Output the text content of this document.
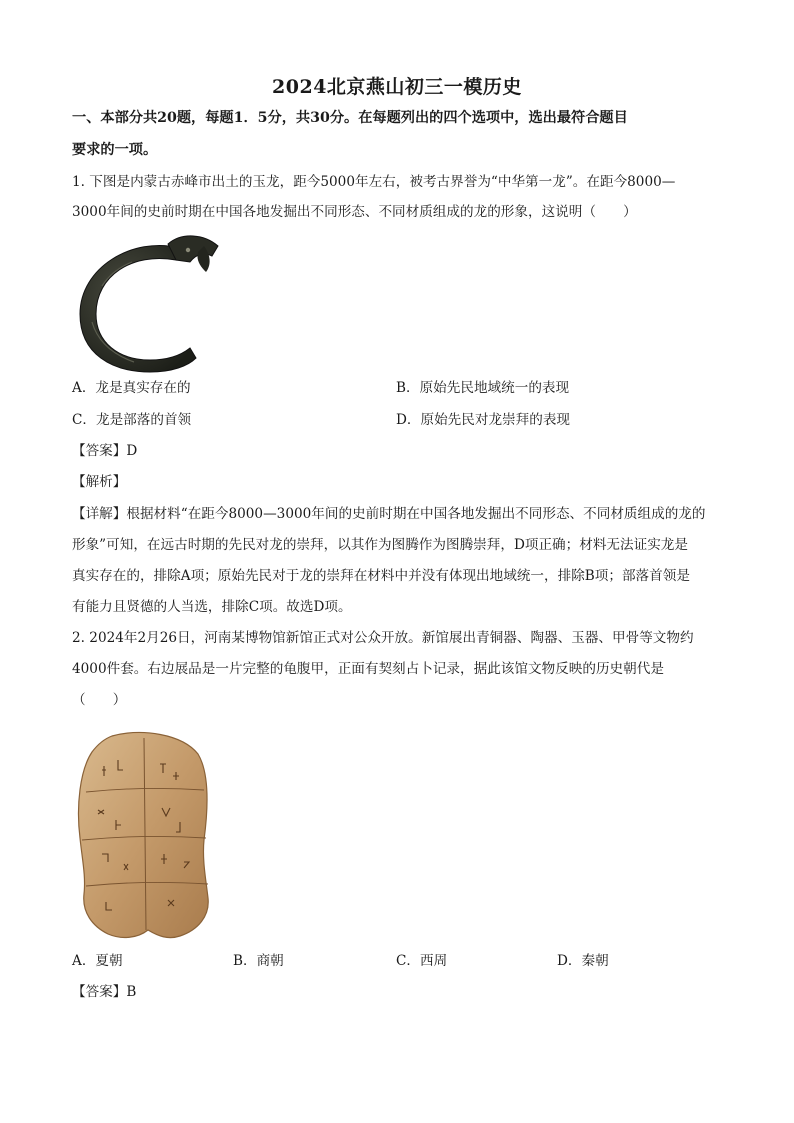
2024北京燕山初三一模历史
一、本部分共20题，每题1．5分，共30分。在每题列出的四个选项中，选出最符合题目
要求的一项。
1. 下图是内蒙古赤峰市出土的玉龙，距今5000年左右，被考古界誉为“中华第一龙”。在距今8000—
3000年间的史前时期在中国各地发掘出不同形态、不同材质组成的龙的形象，这说明（　　）
A．龙是真实存在的	B．原始先民地域统一的表现
C．龙是部落的首领	D．原始先民对龙崇拜的表现
【答案】D
【解析】
【详解】根据材料“在距今8000—3000年间的史前时期在中国各地发掘出不同形态、不同材质组成的龙的
形象”可知，在远古时期的先民对龙的崇拜，以其作为图腾作为图腾崇拜，D项正确；材料无法证实龙是
真实存在的，排除A项；原始先民对于龙的崇拜在材料中并没有体现出地域统一，排除B项；部落首领是
有能力且贤德的人当选，排除C项。故选D项。
2. 2024年2月26日，河南某博物馆新馆正式对公众开放。新馆展出青铜器、陶器、玉器、甲骨等文物约
4000件套。右边展品是一片完整的龟腹甲，正面有契刻占卜记录，据此该馆文物反映的历史朝代是
（　　）
A．夏朝	B．商朝	C．西周	D．秦朝
【答案】B
